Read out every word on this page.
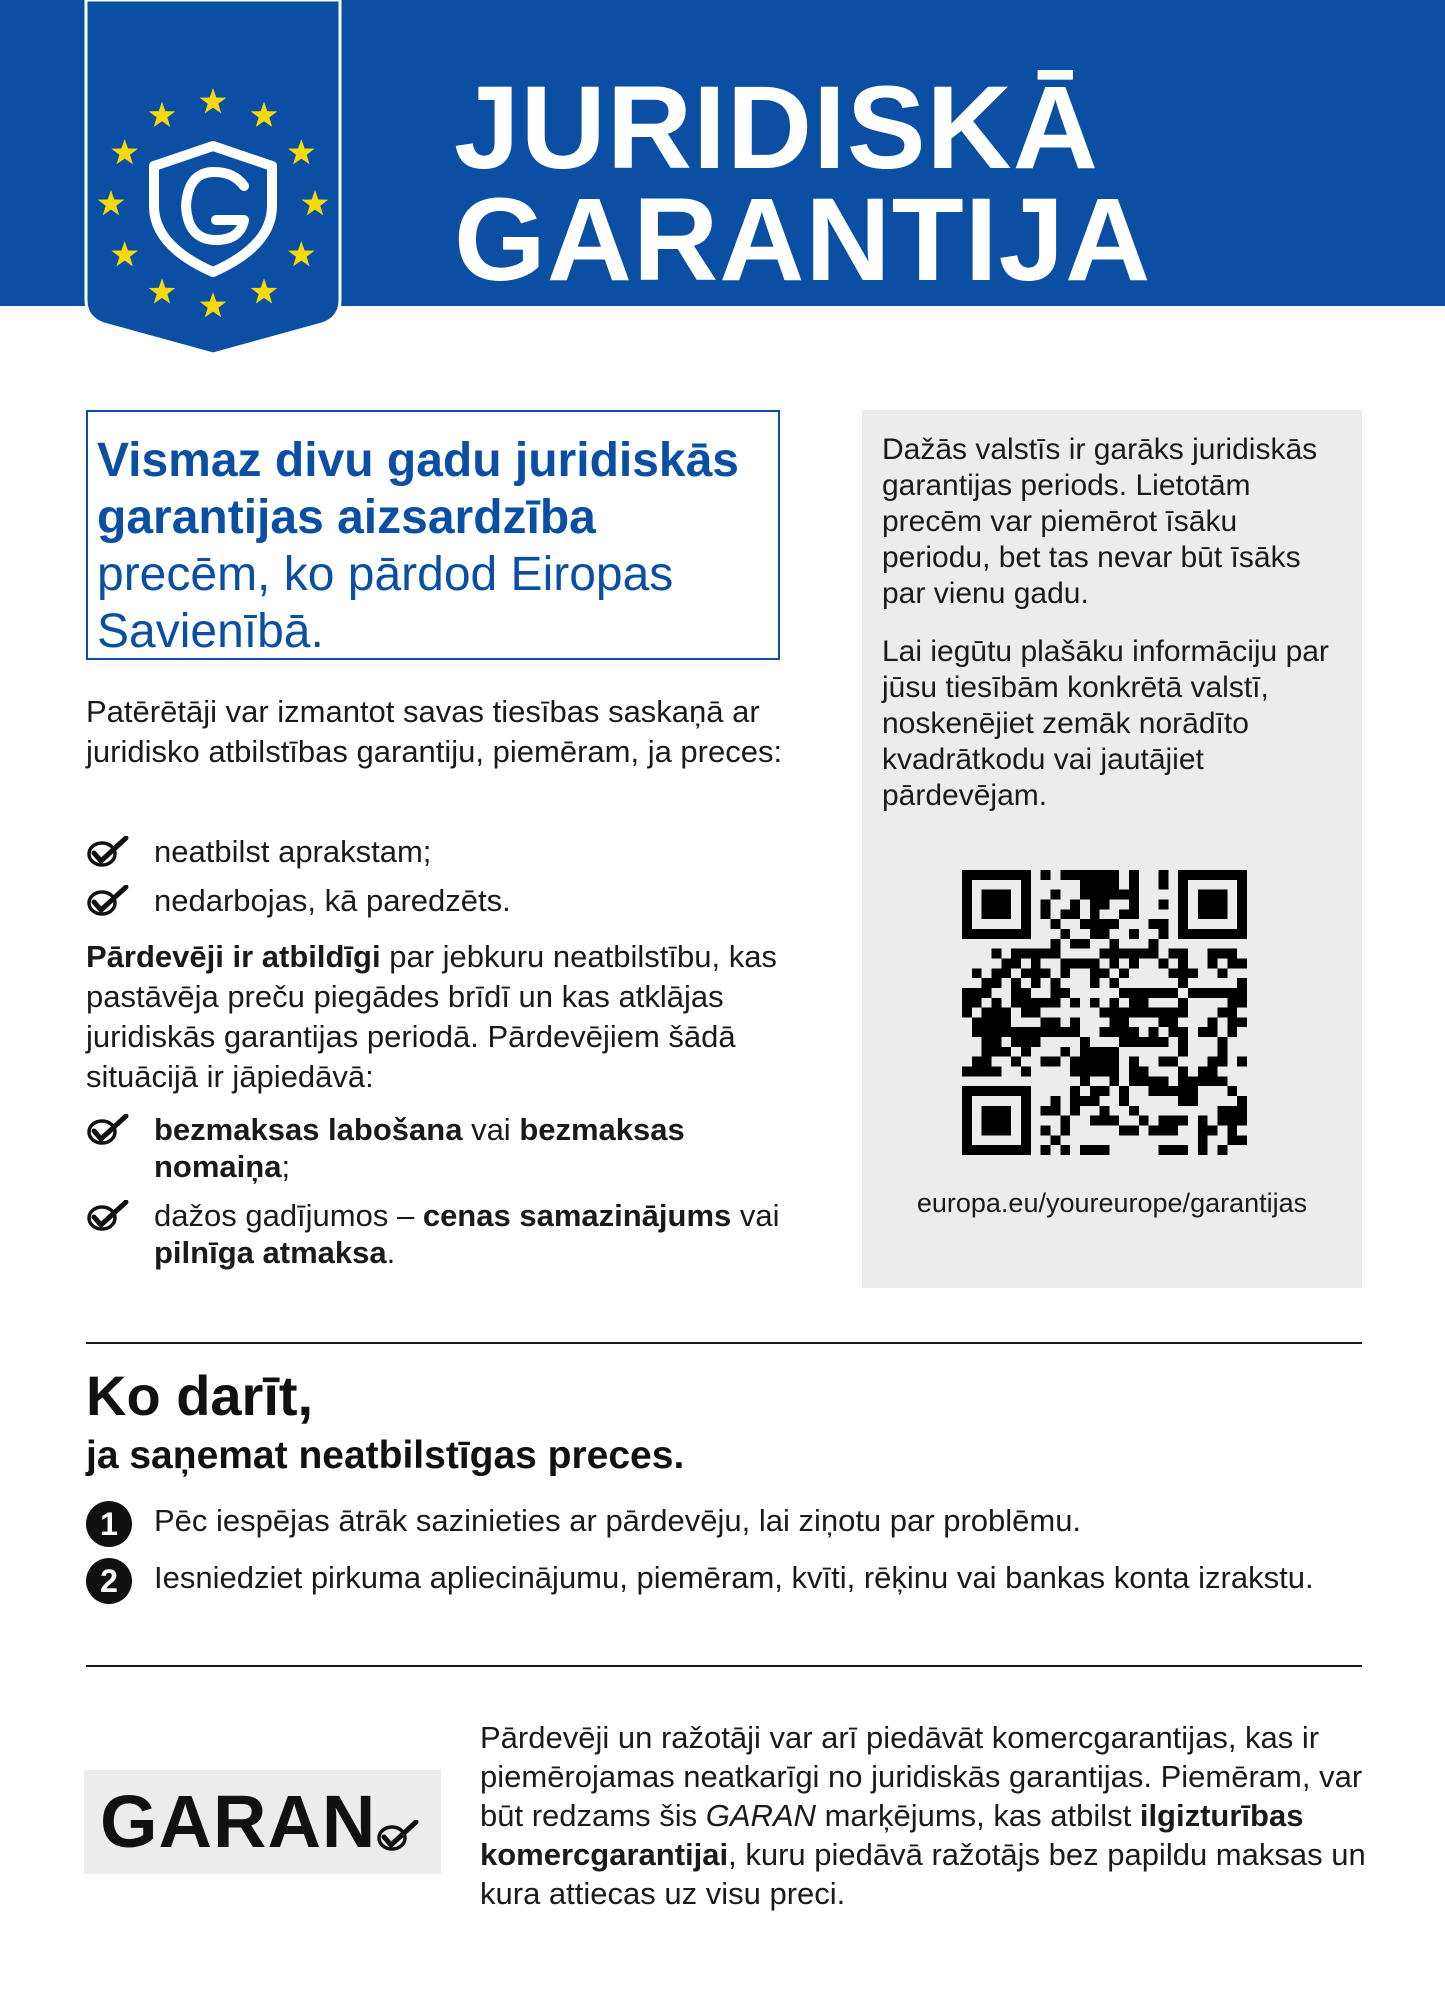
JURIDISKĀ
GARANTIJA

Vismaz divu gadu juridiskās garantijas aizsardzība precēm, ko pārdod Eiropas Savienībā.

Patērētāji var izmantot savas tiesības saskaņā ar juridisko atbilstības garantiju, piemēram, ja preces:

neatbilst aprakstam;
nedarbojas, kā paredzēts.

Pārdevēji ir atbildīgi par jebkuru neatbilstību, kas pastāvēja preču piegādes brīdī un kas atklājas juridiskās garantijas periodā. Pārdevējiem šādā situācijā ir jāpiedāvā:

bezmaksas labošana vai bezmaksas nomaiņa;
dažos gadījumos – cenas samazinājums vai pilnīga atmaksa.

Dažās valstīs ir garāks juridiskās garantijas periods. Lietotām precēm var piemērot īsāku periodu, bet tas nevar būt īsāks par vienu gadu.

Lai iegūtu plašāku informāciju par jūsu tiesībām konkrētā valstī, noskenējiet zemāk norādīto kvadrātkodu vai jautājiet pārdevējam.

europa.eu/youreurope/garantijas
Ko darīt,
ja saņemat neatbilstīgas preces.
1	Pēc iespējas ātrāk sazinieties ar pārdevēju, lai ziņotu par problēmu.
2	Iesniedziet pirkuma apliecinājumu, piemēram, kvīti, rēķinu vai bankas konta izrakstu.
GARAN

Pārdevēji un ražotāji var arī piedāvāt komercgarantijas, kas ir piemērojamas neatkarīgi no juridiskās garantijas. Piemēram, var būt redzams šis GARAN marķējums, kas atbilst ilgizturības komercgarantijai, kuru piedāvā ražotājs bez papildu maksas un kura attiecas uz visu preci.
